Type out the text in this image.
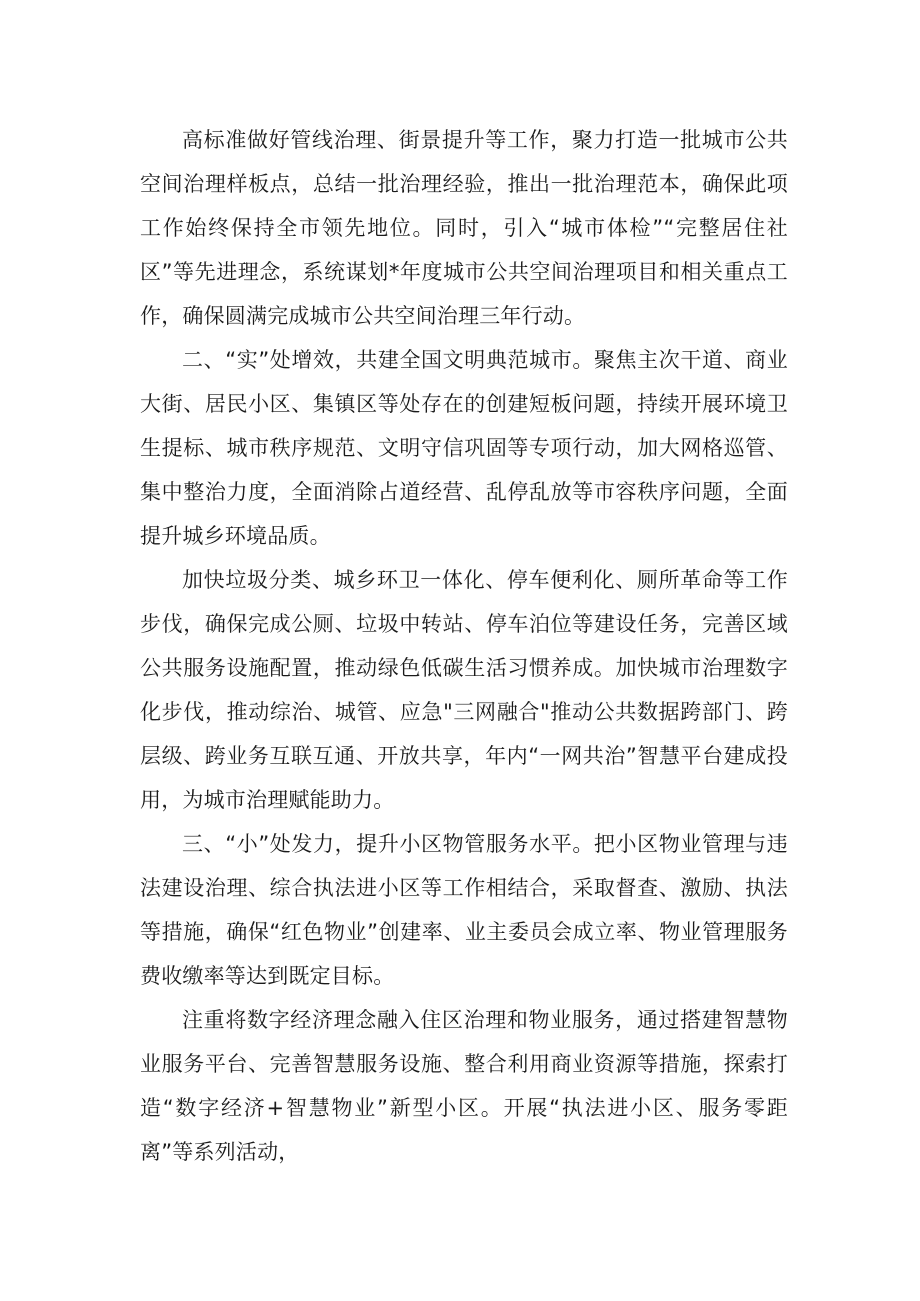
高标准做好管线治理、街景提升等工作，聚力打造一批城市公共空间治理样板点，总结一批治理经验，推出一批治理范本，确保此项工作始终保持全市领先地位。同时，引入“城市体检”“完整居住社区”等先进理念，系统谋划*年度城市公共空间治理项目和相关重点工作，确保圆满完成城市公共空间治理三年行动。

二、“实”处增效，共建全国文明典范城市。聚焦主次干道、商业大街、居民小区、集镇区等处存在的创建短板问题，持续开展环境卫生提标、城市秩序规范、文明守信巩固等专项行动，加大网格巡管、集中整治力度，全面消除占道经营、乱停乱放等市容秩序问题，全面提升城乡环境品质。

加快垃圾分类、城乡环卫一体化、停车便利化、厕所革命等工作步伐，确保完成公厕、垃圾中转站、停车泊位等建设任务，完善区域公共服务设施配置，推动绿色低碳生活习惯养成。加快城市治理数字化步伐，推动综治、城管、应急"三网融合"推动公共数据跨部门、跨层级、跨业务互联互通、开放共享，年内“一网共治”智慧平台建成投用，为城市治理赋能助力。

三、“小”处发力，提升小区物管服务水平。把小区物业管理与违法建设治理、综合执法进小区等工作相结合，采取督查、激励、执法等措施，确保“红色物业”创建率、业主委员会成立率、物业管理服务费收缴率等达到既定目标。

注重将数字经济理念融入住区治理和物业服务，通过搭建智慧物业服务平台、完善智慧服务设施、整合利用商业资源等措施，探索打造“数字经济+智慧物业”新型小区。开展“执法进小区、服务零距离”等系列活动，
